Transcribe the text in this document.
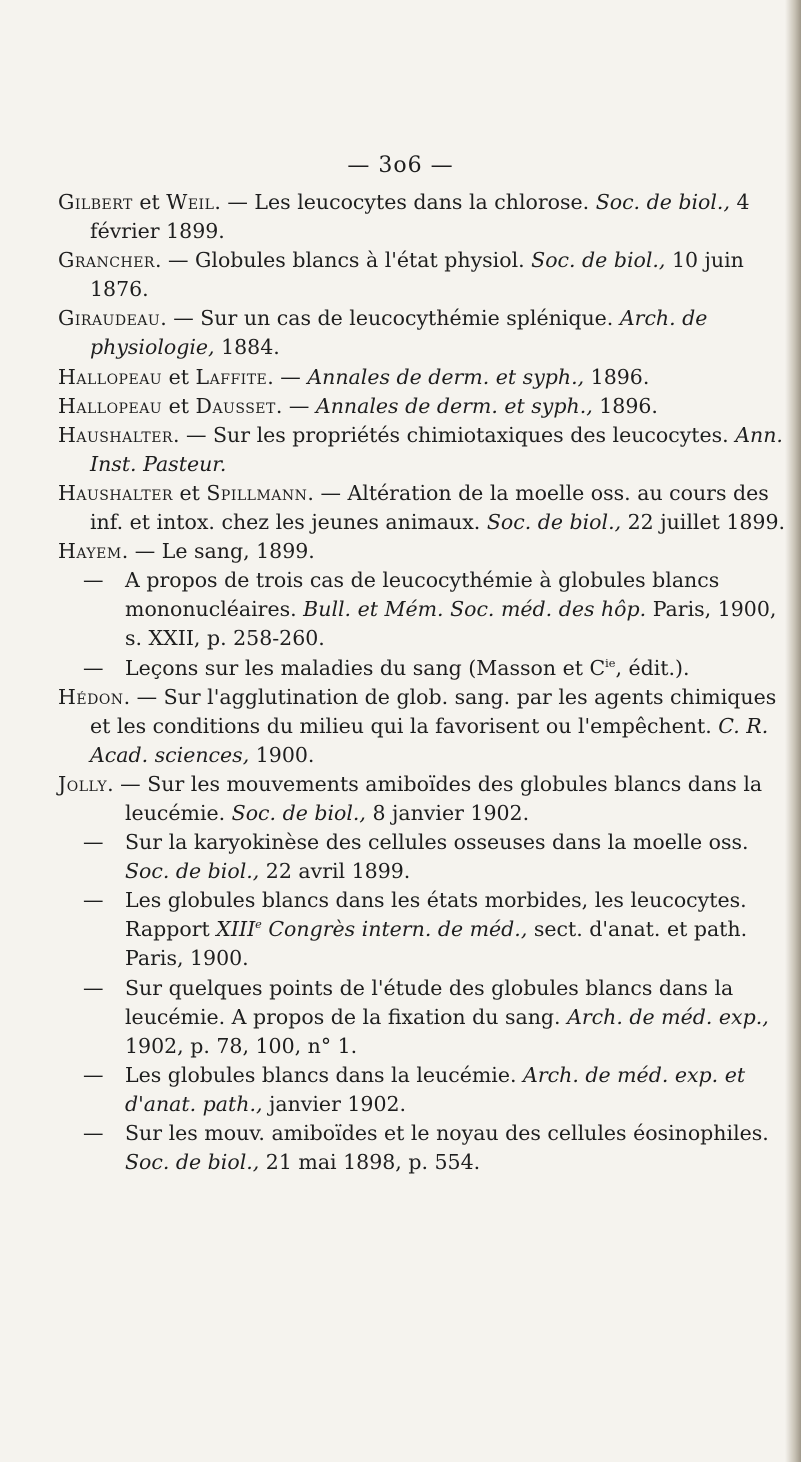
— 3o6 —

Gilbert et Weil. — Les leucocytes dans la chlorose. Soc. de biol., 4 février 1899.

Grancher. — Globules blancs à l'état physiol. Soc. de biol., 10 juin 1876.

Giraudeau. — Sur un cas de leucocythémie splénique. Arch. de physiologie, 1884.

Hallopeau et Laffite. — Annales de derm. et syph., 1896.

Hallopeau et Dausset. — Annales de derm. et syph., 1896.

Haushalter. — Sur les propriétés chimiotaxiques des leucocytes. Ann. Inst. Pasteur.

Haushalter et Spillmann. — Altération de la moelle oss. au cours des inf. et intox. chez les jeunes animaux. Soc. de biol., 22 juillet 1899.

Hayem. — Le sang, 1899.

— A propos de trois cas de leucocythémie à globules blancs mononucléaires. Bull. et Mém. Soc. méd. des hôp. Paris, 1900, s. XXII, p. 258-260.

— Leçons sur les maladies du sang (Masson et $C^{ie}$, édit.).

Hédon. — Sur l'agglutination de glob. sang. par les agents chimiques et les conditions du milieu qui la favorisent ou l'empêchent. C. R. Acad. sciences, 1900.

Jolly. — Sur les mouvements amiboïdes des globules blancs dans la leucémie. Soc. de biol., 8 janvier 1902.

— Sur la karyokinèse des cellules osseuses dans la moelle oss. Soc. de biol., 22 avril 1899.

— Les globules blancs dans les états morbides, les leucocytes. Rapport XIIIe Congrès intern. de méd., sect. d'anat. et path. Paris, 1900.

— Sur quelques points de l'étude des globules blancs dans la leucémie. A propos de la fixation du sang. Arch. de méd. exp., 1902, p. 78, 100, n° 1.

— Les globules blancs dans la leucémie. Arch. de méd. exp. et d'anat. path., janvier 1902.

— Sur les mouv. amiboïdes et le noyau des cellules éosinophiles. Soc. de biol., 21 mai 1898, p. 554.
